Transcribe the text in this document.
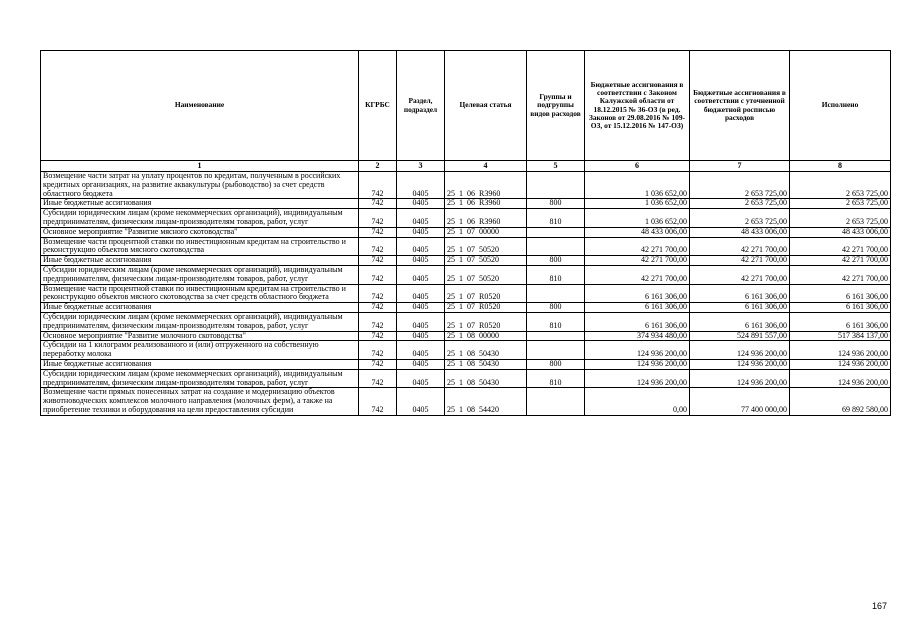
Наименование	КГРБС	Раздел, подраздел	Целевая статья	Группы и подгруппы видов расходов	Бюджетные ассигнования в соответствии с Законом Калужской области от 18.12.2015 № 36-ОЗ (в ред. Законов от 29.08.2016 № 109-ОЗ, от 15.12.2016 № 147-ОЗ)	Бюджетные ассигнования в соответствии с уточненной бюджетной росписью расходов	Исполнено
1	2	3	4	5	6	7	8
Возмещение части затрат на уплату процентов по кредитам, полученным в российских кредитных организациях, на развитие аквакультуры (рыбоводство) за счет средств областного бюджета	742	0405	25  1  06  R3960		1 036 652,00	2 653 725,00	2 653 725,00
Иные бюджетные ассигнования	742	0405	25  1  06  R3960	800	1 036 652,00	2 653 725,00	2 653 725,00
Субсидии юридическим лицам (кроме некоммерческих организаций), индивидуальным предпринимателям, физическим лицам-производителям товаров, работ, услуг	742	0405	25  1  06  R3960	810	1 036 652,00	2 653 725,00	2 653 725,00
Основное мероприятие "Развитие мясного скотоводства"	742	0405	25  1  07  00000		48 433 006,00	48 433 006,00	48 433 006,00
Возмещение части процентной ставки по инвестиционным кредитам на строительство и реконструкцию объектов мясного скотоводства	742	0405	25  1  07  50520		42 271 700,00	42 271 700,00	42 271 700,00
Иные бюджетные ассигнования	742	0405	25  1  07  50520	800	42 271 700,00	42 271 700,00	42 271 700,00
Субсидии юридическим лицам (кроме некоммерческих организаций), индивидуальным предпринимателям, физическим лицам-производителям товаров, работ, услуг	742	0405	25  1  07  50520	810	42 271 700,00	42 271 700,00	42 271 700,00
Возмещение части процентной ставки по инвестиционным кредитам на строительство и реконструкцию объектов мясного скотоводства за счет средств областного бюджета	742	0405	25  1  07  R0520		6 161 306,00	6 161 306,00	6 161 306,00
Иные бюджетные ассигнования	742	0405	25  1  07  R0520	800	6 161 306,00	6 161 306,00	6 161 306,00
Субсидии юридическим лицам (кроме некоммерческих организаций), индивидуальным предпринимателям, физическим лицам-производителям товаров, работ, услуг	742	0405	25  1  07  R0520	810	6 161 306,00	6 161 306,00	6 161 306,00
Основное мероприятие "Развитие молочного скотоводства"	742	0405	25  1  08  00000		374 934 480,00	524 891 557,00	517 384 137,00
Субсидии на 1 килограмм реализованного и (или) отгруженного на собственную переработку молока	742	0405	25  1  08  50430		124 936 200,00	124 936 200,00	124 936 200,00
Иные бюджетные ассигнования	742	0405	25  1  08  50430	800	124 936 200,00	124 936 200,00	124 936 200,00
Субсидии юридическим лицам (кроме некоммерческих организаций), индивидуальным предпринимателям, физическим лицам-производителям товаров, работ, услуг	742	0405	25  1  08  50430	810	124 936 200,00	124 936 200,00	124 936 200,00
Возмещение части прямых понесенных затрат на создание и модернизацию объектов животноводческих комплексов молочного направления (молочных ферм), а также на приобретение техники и оборудования на цели предоставления субсидии	742	0405	25  1  08  54420		0,00	77 400 000,00	69 892 580,00
167
